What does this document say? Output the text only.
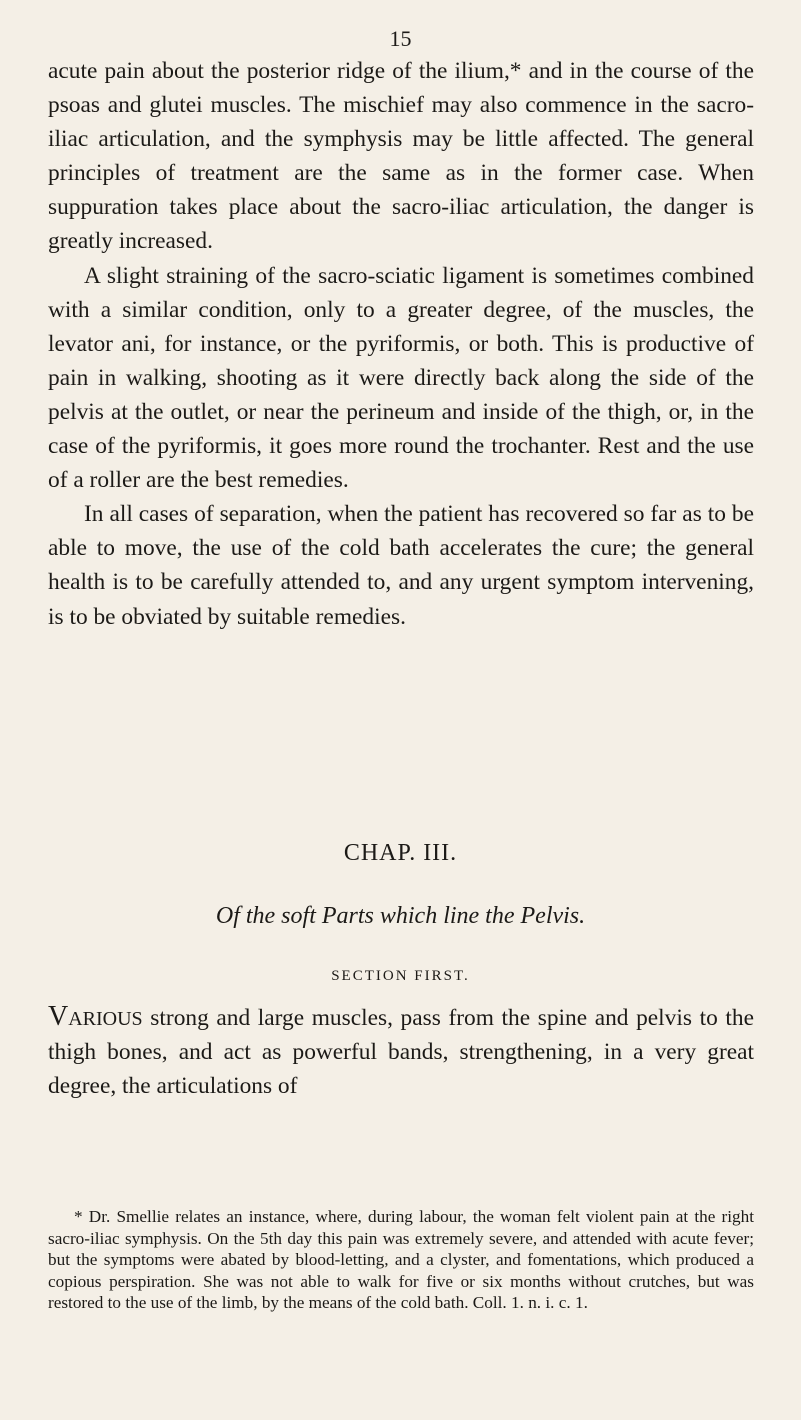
15

acute pain about the posterior ridge of the ilium,* and in the course of the psoas and glutei muscles. The mischief may also commence in the sacro-iliac articulation, and the symphysis may be little affected. The general principles of treatment are the same as in the former case. When suppuration takes place about the sacro-iliac articulation, the danger is greatly increased.

A slight straining of the sacro-sciatic ligament is sometimes combined with a similar condition, only to a greater degree, of the muscles, the levator ani, for instance, or the pyriformis, or both. This is productive of pain in walking, shooting as it were directly back along the side of the pelvis at the outlet, or near the perineum and inside of the thigh, or, in the case of the pyriformis, it goes more round the trochanter. Rest and the use of a roller are the best remedies.

In all cases of separation, when the patient has recovered so far as to be able to move, the use of the cold bath accelerates the cure; the general health is to be carefully attended to, and any urgent symptom intervening, is to be obviated by suitable remedies.

CHAP. III.
Of the soft Parts which line the Pelvis.
SECTION FIRST.

Various strong and large muscles, pass from the spine and pelvis to the thigh bones, and act as powerful bands, strengthening, in a very great degree, the articulations of

* Dr. Smellie relates an instance, where, during labour, the woman felt violent pain at the right sacro-iliac symphysis. On the 5th day this pain was extremely severe, and attended with acute fever; but the symptoms were abated by blood-letting, and a clyster, and fomentations, which produced a copious perspiration. She was not able to walk for five or six months without crutches, but was restored to the use of the limb, by the means of the cold bath. Coll. 1. n. i. c. 1.
